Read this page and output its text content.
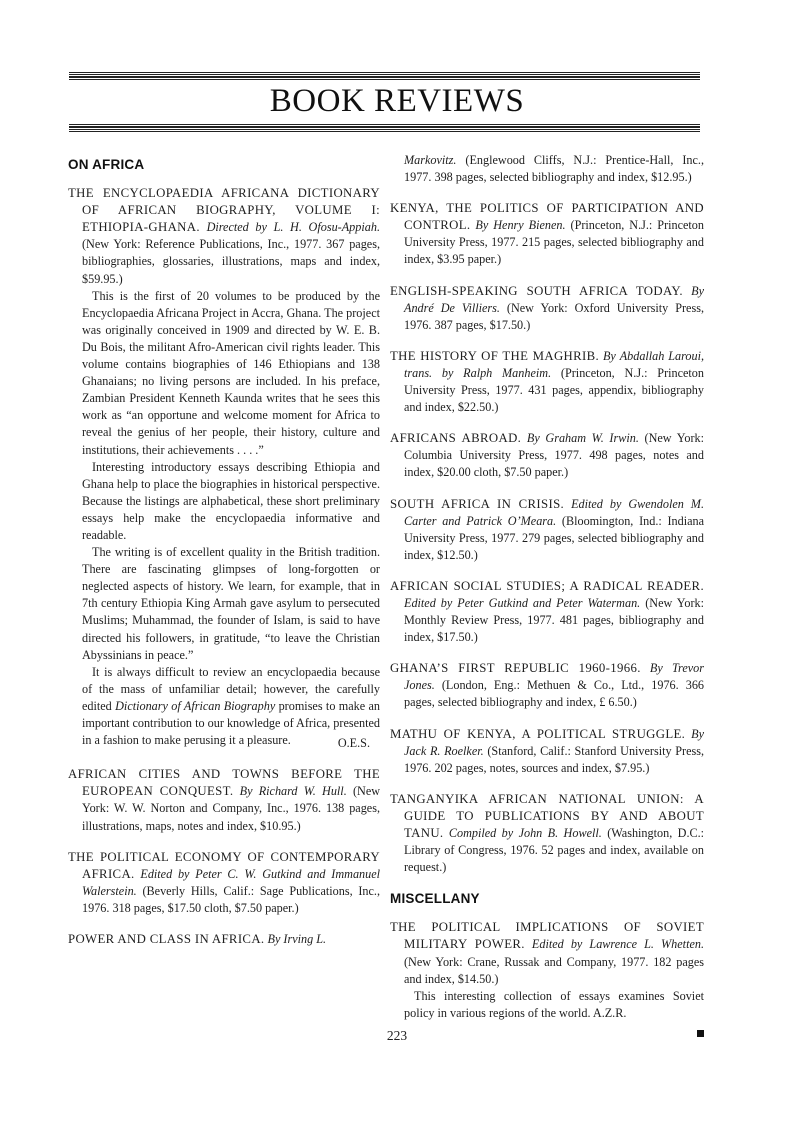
BOOK REVIEWS
ON AFRICA
THE ENCYCLOPAEDIA AFRICANA DICTIONARY OF AFRICAN BIOGRAPHY, VOLUME I: ETHIOPIA-GHANA. Directed by L. H. Ofosu-Appiah. (New York: Reference Publications, Inc., 1977. 367 pages, bibliographies, glossaries, illustrations, maps and index, $59.95.)
This is the first of 20 volumes to be produced by the Encyclopaedia Africana Project in Accra, Ghana. The project was originally conceived in 1909 and directed by W. E. B. Du Bois, the militant Afro-American civil rights leader. This volume contains biographies of 146 Ethiopians and 138 Ghanaians; no living persons are included. In his preface, Zambian President Kenneth Kaunda writes that he sees this work as “an opportune and welcome moment for Africa to reveal the genius of her people, their history, culture and institutions, their achievements . . . .”
Interesting introductory essays describing Ethiopia and Ghana help to place the biographies in historical perspective. Because the listings are alphabetical, these short preliminary essays help make the encyclopaedia informative and readable.
The writing is of excellent quality in the British tradition. There are fascinating glimpses of long-forgotten or neglected aspects of history. We learn, for example, that in 7th century Ethiopia King Armah gave asylum to persecuted Muslims; Muhammad, the founder of Islam, is said to have directed his followers, in gratitude, “to leave the Christian Abyssinians in peace.”
It is always difficult to review an encyclopaedia because of the mass of unfamiliar detail; however, the carefully edited Dictionary of African Biography promises to make an important contribution to our knowledge of Africa, presented in a fashion to make perusing it a pleasure.	O.E.S.
AFRICAN CITIES AND TOWNS BEFORE THE EUROPEAN CONQUEST. By Richard W. Hull. (New York: W. W. Norton and Company, Inc., 1976. 138 pages, illustrations, maps, notes and index, $10.95.)
THE POLITICAL ECONOMY OF CONTEMPORARY AFRICA. Edited by Peter C. W. Gutkind and Immanuel Walerstein. (Beverly Hills, Calif.: Sage Publications, Inc., 1976. 318 pages, $17.50 cloth, $7.50 paper.)
POWER AND CLASS IN AFRICA. By Irving L.
Markovitz. (Englewood Cliffs, N.J.: Prentice-Hall, Inc., 1977. 398 pages, selected bibliography and index, $12.95.)
KENYA, THE POLITICS OF PARTICIPATION AND CONTROL. By Henry Bienen. (Princeton, N.J.: Princeton University Press, 1977. 215 pages, selected bibliography and index, $3.95 paper.)
ENGLISH-SPEAKING SOUTH AFRICA TODAY. By André De Villiers. (New York: Oxford University Press, 1976. 387 pages, $17.50.)
THE HISTORY OF THE MAGHRIB. By Abdallah Laroui, trans. by Ralph Manheim. (Princeton, N.J.: Princeton University Press, 1977. 431 pages, appendix, bibliography and index, $22.50.)
AFRICANS ABROAD. By Graham W. Irwin. (New York: Columbia University Press, 1977. 498 pages, notes and index, $20.00 cloth, $7.50 paper.)
SOUTH AFRICA IN CRISIS. Edited by Gwendolen M. Carter and Patrick O’Meara. (Bloomington, Ind.: Indiana University Press, 1977. 279 pages, selected bibliography and index, $12.50.)
AFRICAN SOCIAL STUDIES; A RADICAL READER. Edited by Peter Gutkind and Peter Waterman. (New York: Monthly Review Press, 1977. 481 pages, bibliography and index, $17.50.)
GHANA’S FIRST REPUBLIC 1960-1966. By Trevor Jones. (London, Eng.: Methuen & Co., Ltd., 1976. 366 pages, selected bibliography and index, £ 6.50.)
MATHU OF KENYA, A POLITICAL STRUGGLE. By Jack R. Roelker. (Stanford, Calif.: Stanford University Press, 1976. 202 pages, notes, sources and index, $7.95.)
TANGANYIKA AFRICAN NATIONAL UNION: A GUIDE TO PUBLICATIONS BY AND ABOUT TANU. Compiled by John B. Howell. (Washington, D.C.: Library of Congress, 1976. 52 pages and index, available on request.)
MISCELLANY
THE POLITICAL IMPLICATIONS OF SOVIET MILITARY POWER. Edited by Lawrence L. Whetten. (New York: Crane, Russak and Company, 1977. 182 pages and index, $14.50.)
This interesting collection of essays examines Soviet policy in various regions of the world. A.Z.R.
223
